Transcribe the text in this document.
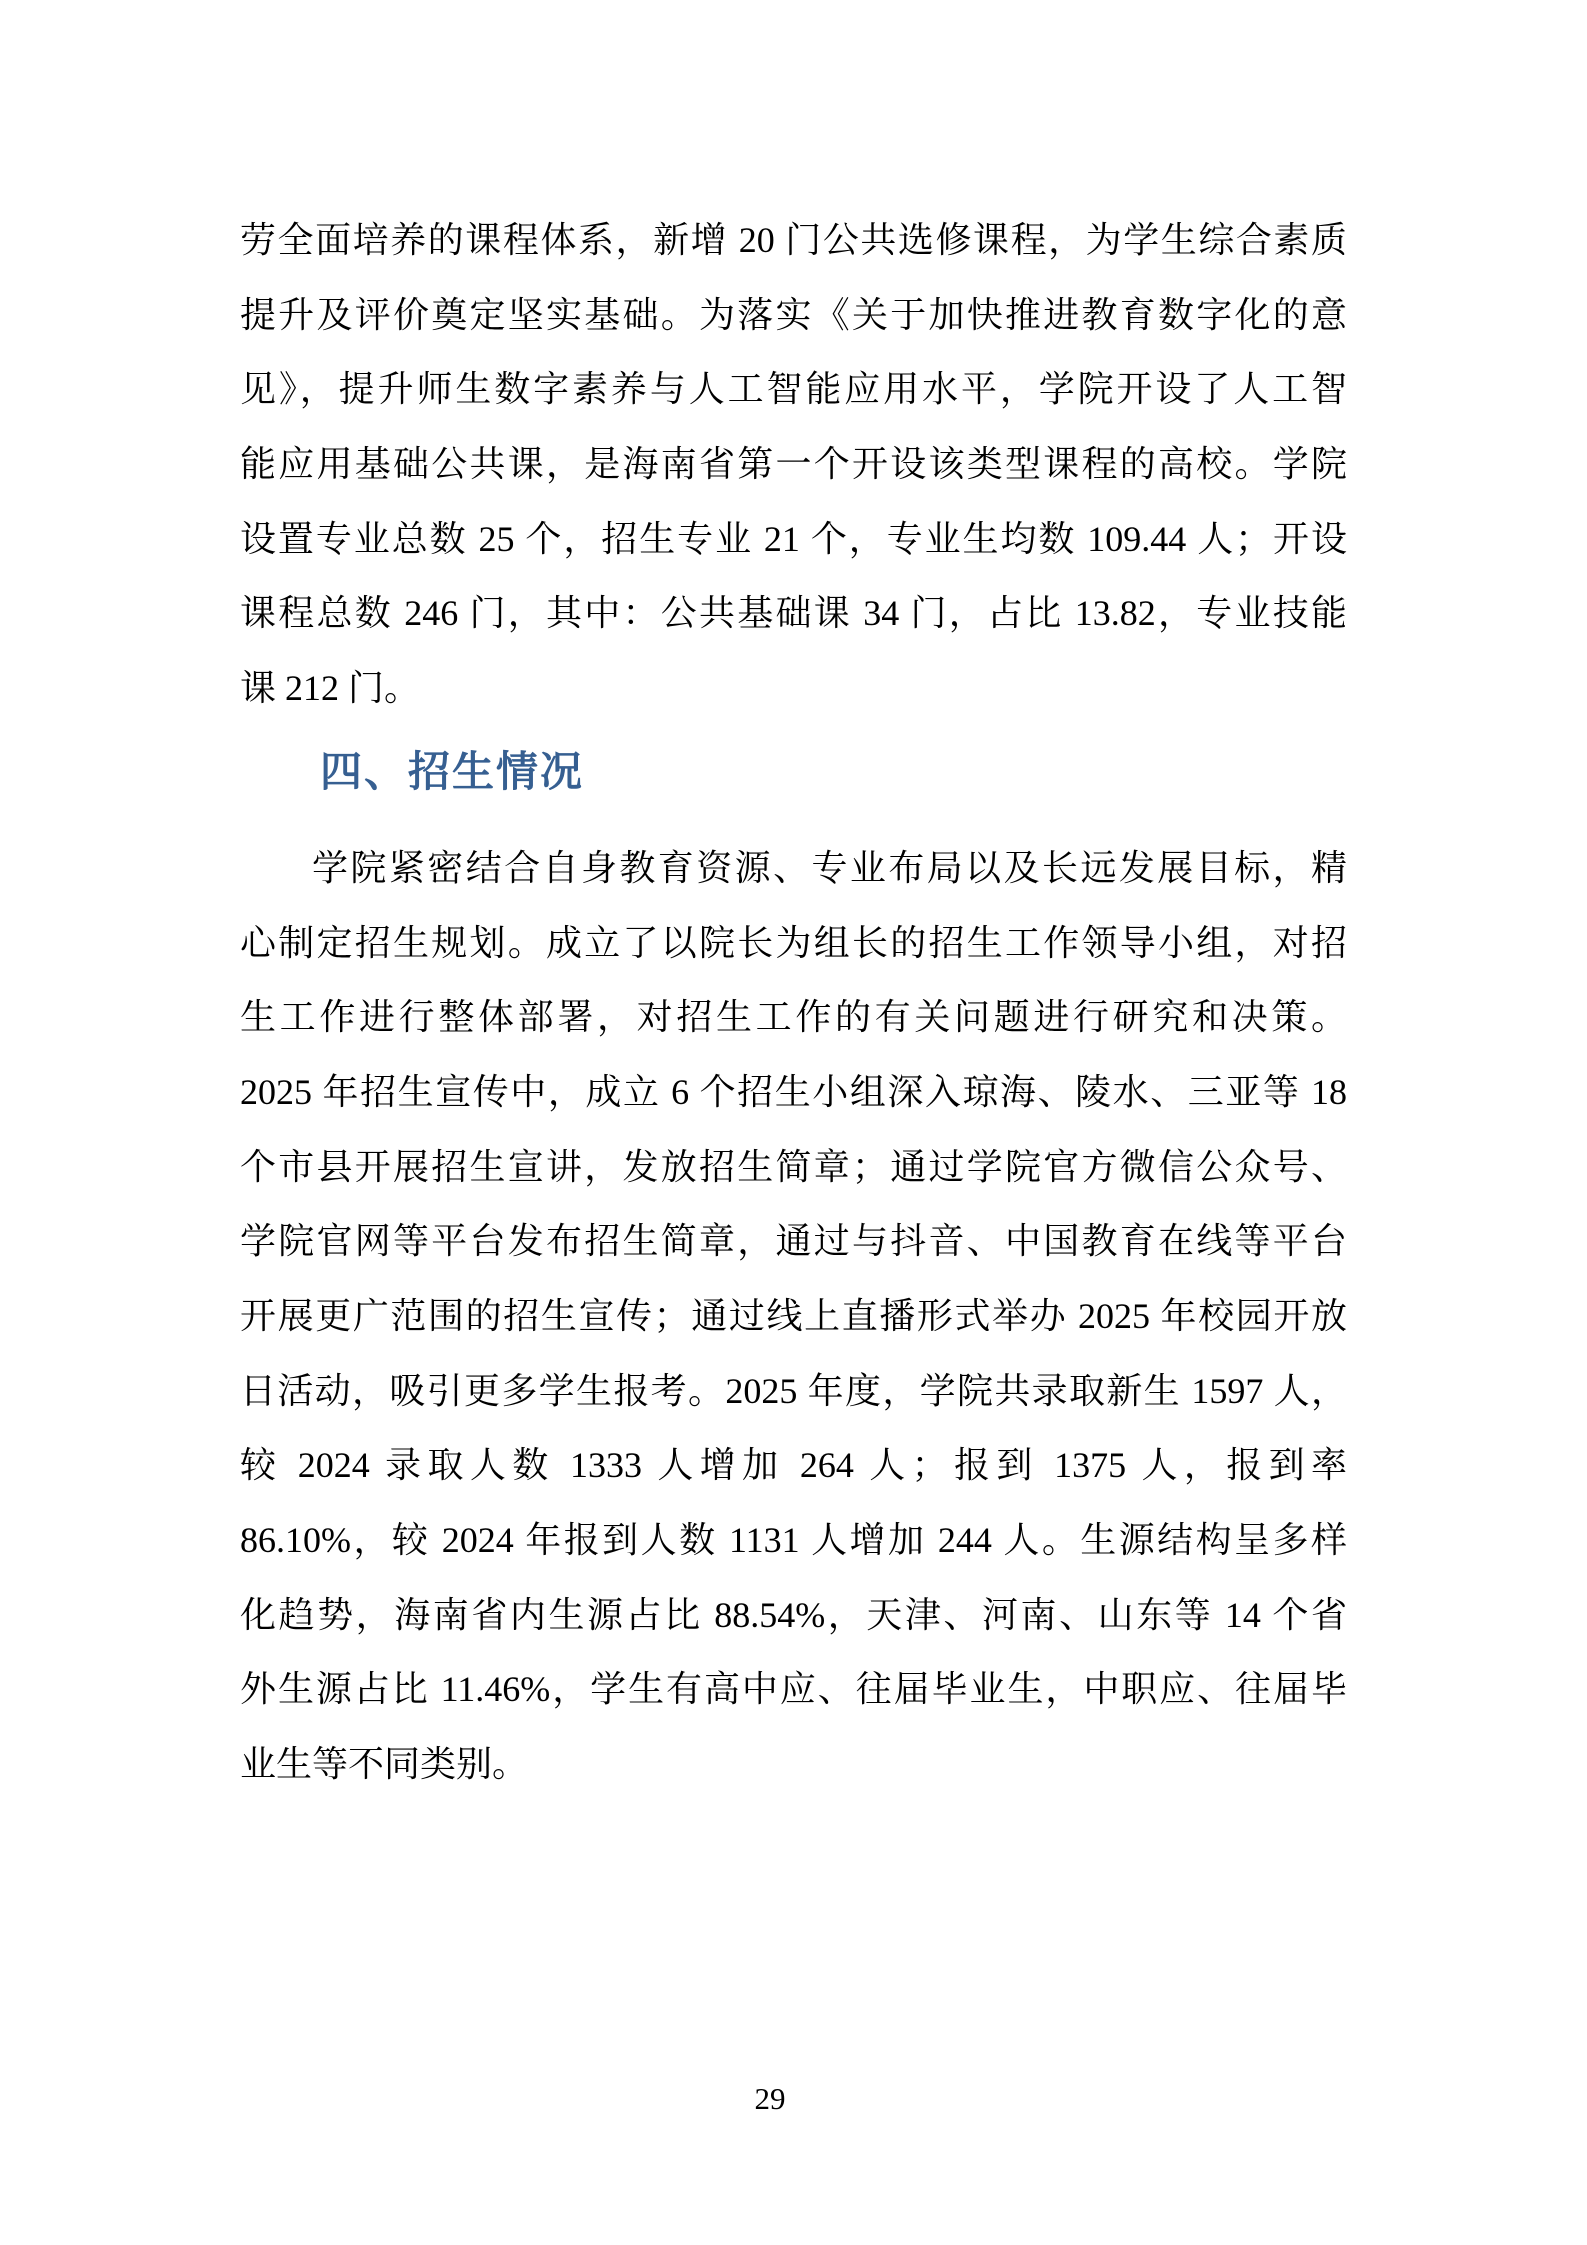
劳全面培养的课程体系，新增 20 门公共选修课程，为学生综合素质
提升及评价奠定坚实基础。为落实《关于加快推进教育数字化的意
见》，提升师生数字素养与人工智能应用水平，学院开设了人工智
能应用基础公共课，是海南省第一个开设该类型课程的高校。学院
设置专业总数 25 个，招生专业 21 个，专业生均数 109.44 人；开设
课程总数 246 门，其中：公共基础课 34 门，占比 13.82，专业技能
课 212 门。
四、招生情况
学院紧密结合自身教育资源、专业布局以及长远发展目标，精
心制定招生规划。成立了以院长为组长的招生工作领导小组，对招
生工作进行整体部署，对招生工作的有关问题进行研究和决策。
2025 年招生宣传中，成立 6 个招生小组深入琼海、陵水、三亚等 18
个市县开展招生宣讲，发放招生简章；通过学院官方微信公众号、
学院官网等平台发布招生简章，通过与抖音、中国教育在线等平台
开展更广范围的招生宣传；通过线上直播形式举办 2025 年校园开放
日活动，吸引更多学生报考。2025 年度，学院共录取新生 1597 人，
较 2024 录取人数 1333 人增加 264 人；报到 1375 人，报到率
86.10%，较 2024 年报到人数 1131 人增加 244 人。生源结构呈多样
化趋势，海南省内生源占比 88.54%，天津、河南、山东等 14 个省
外生源占比 11.46%，学生有高中应、往届毕业生，中职应、往届毕
业生等不同类别。
29
